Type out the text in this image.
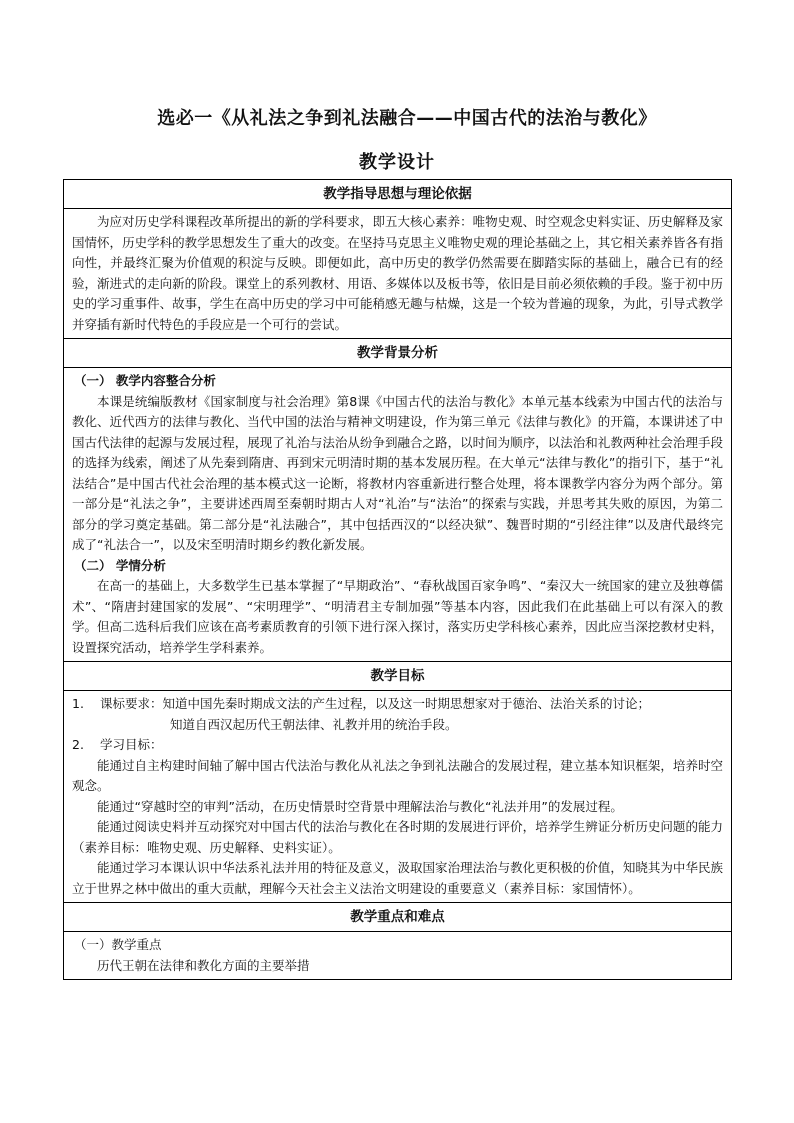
选必一《从礼法之争到礼法融合——中国古代的法治与教化》
教学设计
教学指导思想与理论依据

为应对历史学科课程改革所提出的新的学科要求，即五大核心素养：唯物史观、时空观念史料实证、历史解释及家国情怀，历史学科的教学思想发生了重大的改变。在坚持马克思主义唯物史观的理论基础之上，其它相关素养皆各有指向性，并最终汇聚为价值观的积淀与反映。即便如此，高中历史的教学仍然需要在脚踏实际的基础上，融合已有的经验，渐进式的走向新的阶段。课堂上的系列教材、用语、多媒体以及板书等，依旧是目前必须依赖的手段。鉴于初中历史的学习重事件、故事，学生在高中历史的学习中可能稍感无趣与枯燥，这是一个较为普遍的现象，为此，引导式教学并穿插有新时代特色的手段应是一个可行的尝试。

教学背景分析

（一） 教学内容整合分析

本课是统编版教材《国家制度与社会治理》第8课《中国古代的法治与教化》本单元基本线索为中国古代的法治与教化、近代西方的法律与教化、当代中国的法治与精神文明建设，作为第三单元《法律与教化》的开篇，本课讲述了中国古代法律的起源与发展过程，展现了礼治与法治从纷争到融合之路，以时间为顺序，以法治和礼教两种社会治理手段的选择为线索，阐述了从先秦到隋唐、再到宋元明清时期的基本发展历程。在大单元“法律与教化”的指引下，基于“礼法结合”是中国古代社会治理的基本模式这一论断，将教材内容重新进行整合处理，将本课教学内容分为两个部分。第一部分是“礼法之争”，主要讲述西周至秦朝时期古人对“礼治”与“法治”的探索与实践，并思考其失败的原因，为第二部分的学习奠定基础。第二部分是“礼法融合”，其中包括西汉的“以经决狱”、魏晋时期的“引经注律”以及唐代最终完成了“礼法合一”，以及宋至明清时期乡约教化新发展。

（二） 学情分析

在高一的基础上，大多数学生已基本掌握了“早期政治”、“春秋战国百家争鸣”、“秦汉大一统国家的建立及独尊儒术”、“隋唐封建国家的发展”、“宋明理学”、“明清君主专制加强”等基本内容，因此我们在此基础上可以有深入的教学。但高二选科后我们应该在高考素质教育的引领下进行深入探讨，落实历史学科核心素养，因此应当深挖教材史料，设置探究活动，培养学生学科素养。

教学目标

1.	课标要求：知道中国先秦时期成文法的产生过程，以及这一时期思想家对于德治、法治关系的讨论；

知道自西汉起历代王朝法律、礼教并用的统治手段。

2.	学习目标：

能通过自主构建时间轴了解中国古代法治与教化从礼法之争到礼法融合的发展过程，建立基本知识框架，培养时空观念。

能通过“穿越时空的审判”活动，在历史情景时空背景中理解法治与教化“礼法并用”的发展过程。

能通过阅读史料并互动探究对中国古代的法治与教化在各时期的发展进行评价，培养学生辨证分析历史问题的能力（素养目标：唯物史观、历史解释、史料实证）。

能通过学习本课认识中华法系礼法并用的特征及意义，汲取国家治理法治与教化更积极的价值，知晓其为中华民族立于世界之林中做出的重大贡献，理解今天社会主义法治文明建设的重要意义（素养目标：家国情怀）。

教学重点和难点

（一）教学重点

历代王朝在法律和教化方面的主要举措
